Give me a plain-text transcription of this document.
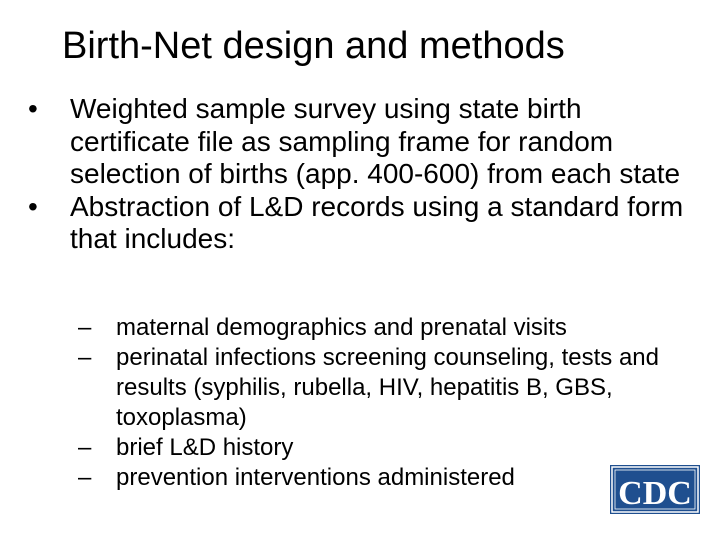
Birth-Net design and methods
•	Weighted sample survey using state birth certificate file as sampling frame for random selection of births (app. 400-600) from each state
•	Abstraction of L&D records using a standard form that includes:
– maternal demographics and prenatal visits
– perinatal infections screening counseling, tests and results (syphilis, rubella, HIV, hepatitis B, GBS, toxoplasma)
– brief L&D history
– prevention interventions administered	CDC
